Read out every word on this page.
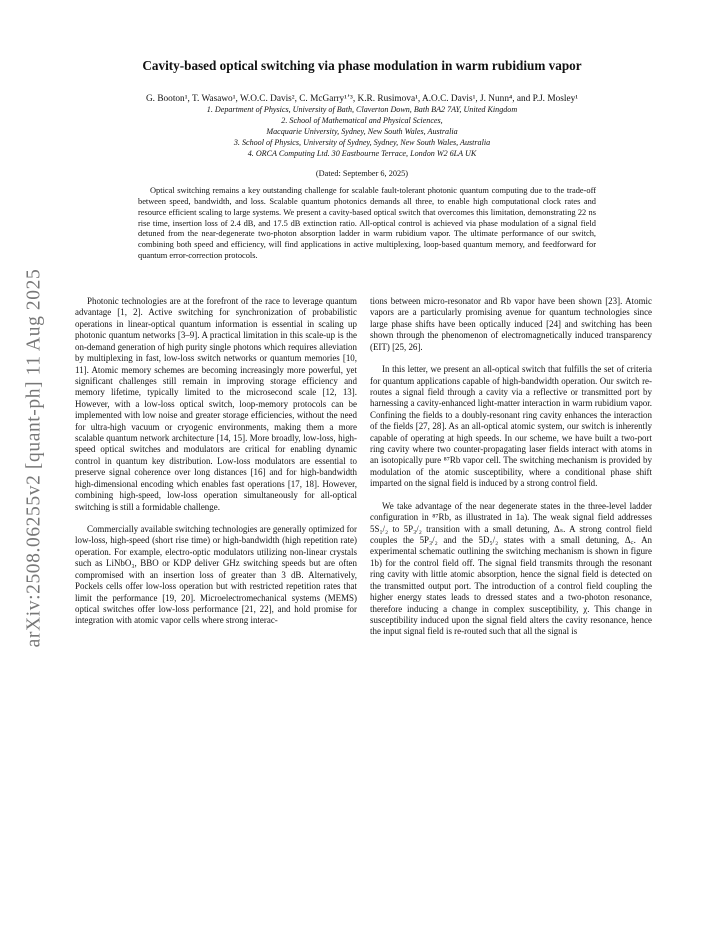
arXiv:2508.06255v2 [quant-ph] 11 Aug 2025
Cavity-based optical switching via phase modulation in warm rubidium vapor
G. Booton¹, T. Wasawo¹, W.O.C. Davis², C. McGarry¹ʼ³, K.R. Rusimova¹, A.O.C. Davis¹, J. Nunn⁴, and P.J. Mosley¹
1. Department of Physics, University of Bath, Claverton Down, Bath BA2 7AY, United Kingdom
2. School of Mathematical and Physical Sciences,
Macquarie University, Sydney, New South Wales, Australia
3. School of Physics, University of Sydney, Sydney, New South Wales, Australia
4. ORCA Computing Ltd. 30 Eastbourne Terrace, London W2 6LA UK
(Dated: September 6, 2025)
Optical switching remains a key outstanding challenge for scalable fault-tolerant photonic quantum computing due to the trade-off between speed, bandwidth, and loss. Scalable quantum photonics demands all three, to enable high computational clock rates and resource efficient scaling to large systems. We present a cavity-based optical switch that overcomes this limitation, demonstrating 22 ns rise time, insertion loss of 2.4 dB, and 17.5 dB extinction ratio. All-optical control is achieved via phase modulation of a signal field detuned from the near-degenerate two-photon absorption ladder in warm rubidium vapor. The ultimate performance of our switch, combining both speed and efficiency, will find applications in active multiplexing, loop-based quantum memory, and feedforward for quantum error-correction protocols.

Photonic technologies are at the forefront of the race to leverage quantum advantage [1, 2]. Active switching for synchronization of probabilistic operations in linear-optical quantum information is essential in scaling up photonic quantum networks [3–9]. A practical limitation in this scale-up is the on-demand generation of high purity single photons which requires alleviation by multiplexing in fast, low-loss switch networks or quantum memories [10, 11]. Atomic memory schemes are becoming increasingly more powerful, yet significant challenges still remain in improving storage efficiency and memory lifetime, typically limited to the microsecond scale [12, 13]. However, with a low-loss optical switch, loop-memory protocols can be implemented with low noise and greater storage efficiencies, without the need for ultra-high vacuum or cryogenic environments, making them a more scalable quantum network architecture [14, 15]. More broadly, low-loss, high-speed optical switches and modulators are critical for enabling dynamic control in quantum key distribution. Low-loss modulators are essential to preserve signal coherence over long distances [16] and for high-bandwidth high-dimensional encoding which enables fast operations [17, 18]. However, combining high-speed, low-loss operation simultaneously for all-optical switching is still a formidable challenge.

Commercially available switching technologies are generally optimized for low-loss, high-speed (short rise time) or high-bandwidth (high repetition rate) operation. For example, electro-optic modulators utilizing non-linear crystals such as LiNbO₃, BBO or KDP deliver GHz switching speeds but are often compromised with an insertion loss of greater than 3 dB. Alternatively, Pockels cells offer low-loss operation but with restricted repetition rates that limit the performance [19, 20]. Microelectromechanical systems (MEMS) optical switches offer low-loss performance [21, 22], and hold promise for integration with atomic vapor cells where strong interac-

tions between micro-resonator and Rb vapor have been shown [23]. Atomic vapors are a particularly promising avenue for quantum technologies since large phase shifts have been optically induced [24] and switching has been shown through the phenomenon of electromagnetically induced transparency (EIT) [25, 26].

In this letter, we present an all-optical switch that fulfills the set of criteria for quantum applications capable of high-bandwidth operation. Our switch re-routes a signal field through a cavity via a reflective or transmitted port by harnessing a cavity-enhanced light-matter interaction in warm rubidium vapor. Confining the fields to a doubly-resonant ring cavity enhances the interaction of the fields [27, 28]. As an all-optical atomic system, our switch is inherently capable of operating at high speeds. In our scheme, we have built a two-port ring cavity where two counter-propagating laser fields interact with atoms in an isotopically pure ⁸⁷Rb vapor cell. The switching mechanism is provided by modulation of the atomic susceptibility, where a conditional phase shift imparted on the signal field is induced by a strong control field.

We take advantage of the near degenerate states in the three-level ladder configuration in ⁸⁷Rb, as illustrated in 1a). The weak signal field addresses 5S₁/₂ to 5P₃/₂ transition with a small detuning, Δₛ. A strong control field couples the 5P₃/₂ and the 5D₅/₂ states with a small detuning, Δ꜀. An experimental schematic outlining the switching mechanism is shown in figure 1b) for the control field off. The signal field transmits through the resonant ring cavity with little atomic absorption, hence the signal field is detected on the transmitted output port. The introduction of a control field coupling the higher energy states leads to dressed states and a two-photon resonance, therefore inducing a change in complex susceptibility, χ. This change in susceptibility induced upon the signal field alters the cavity resonance, hence the input signal field is re-routed such that all the signal is
